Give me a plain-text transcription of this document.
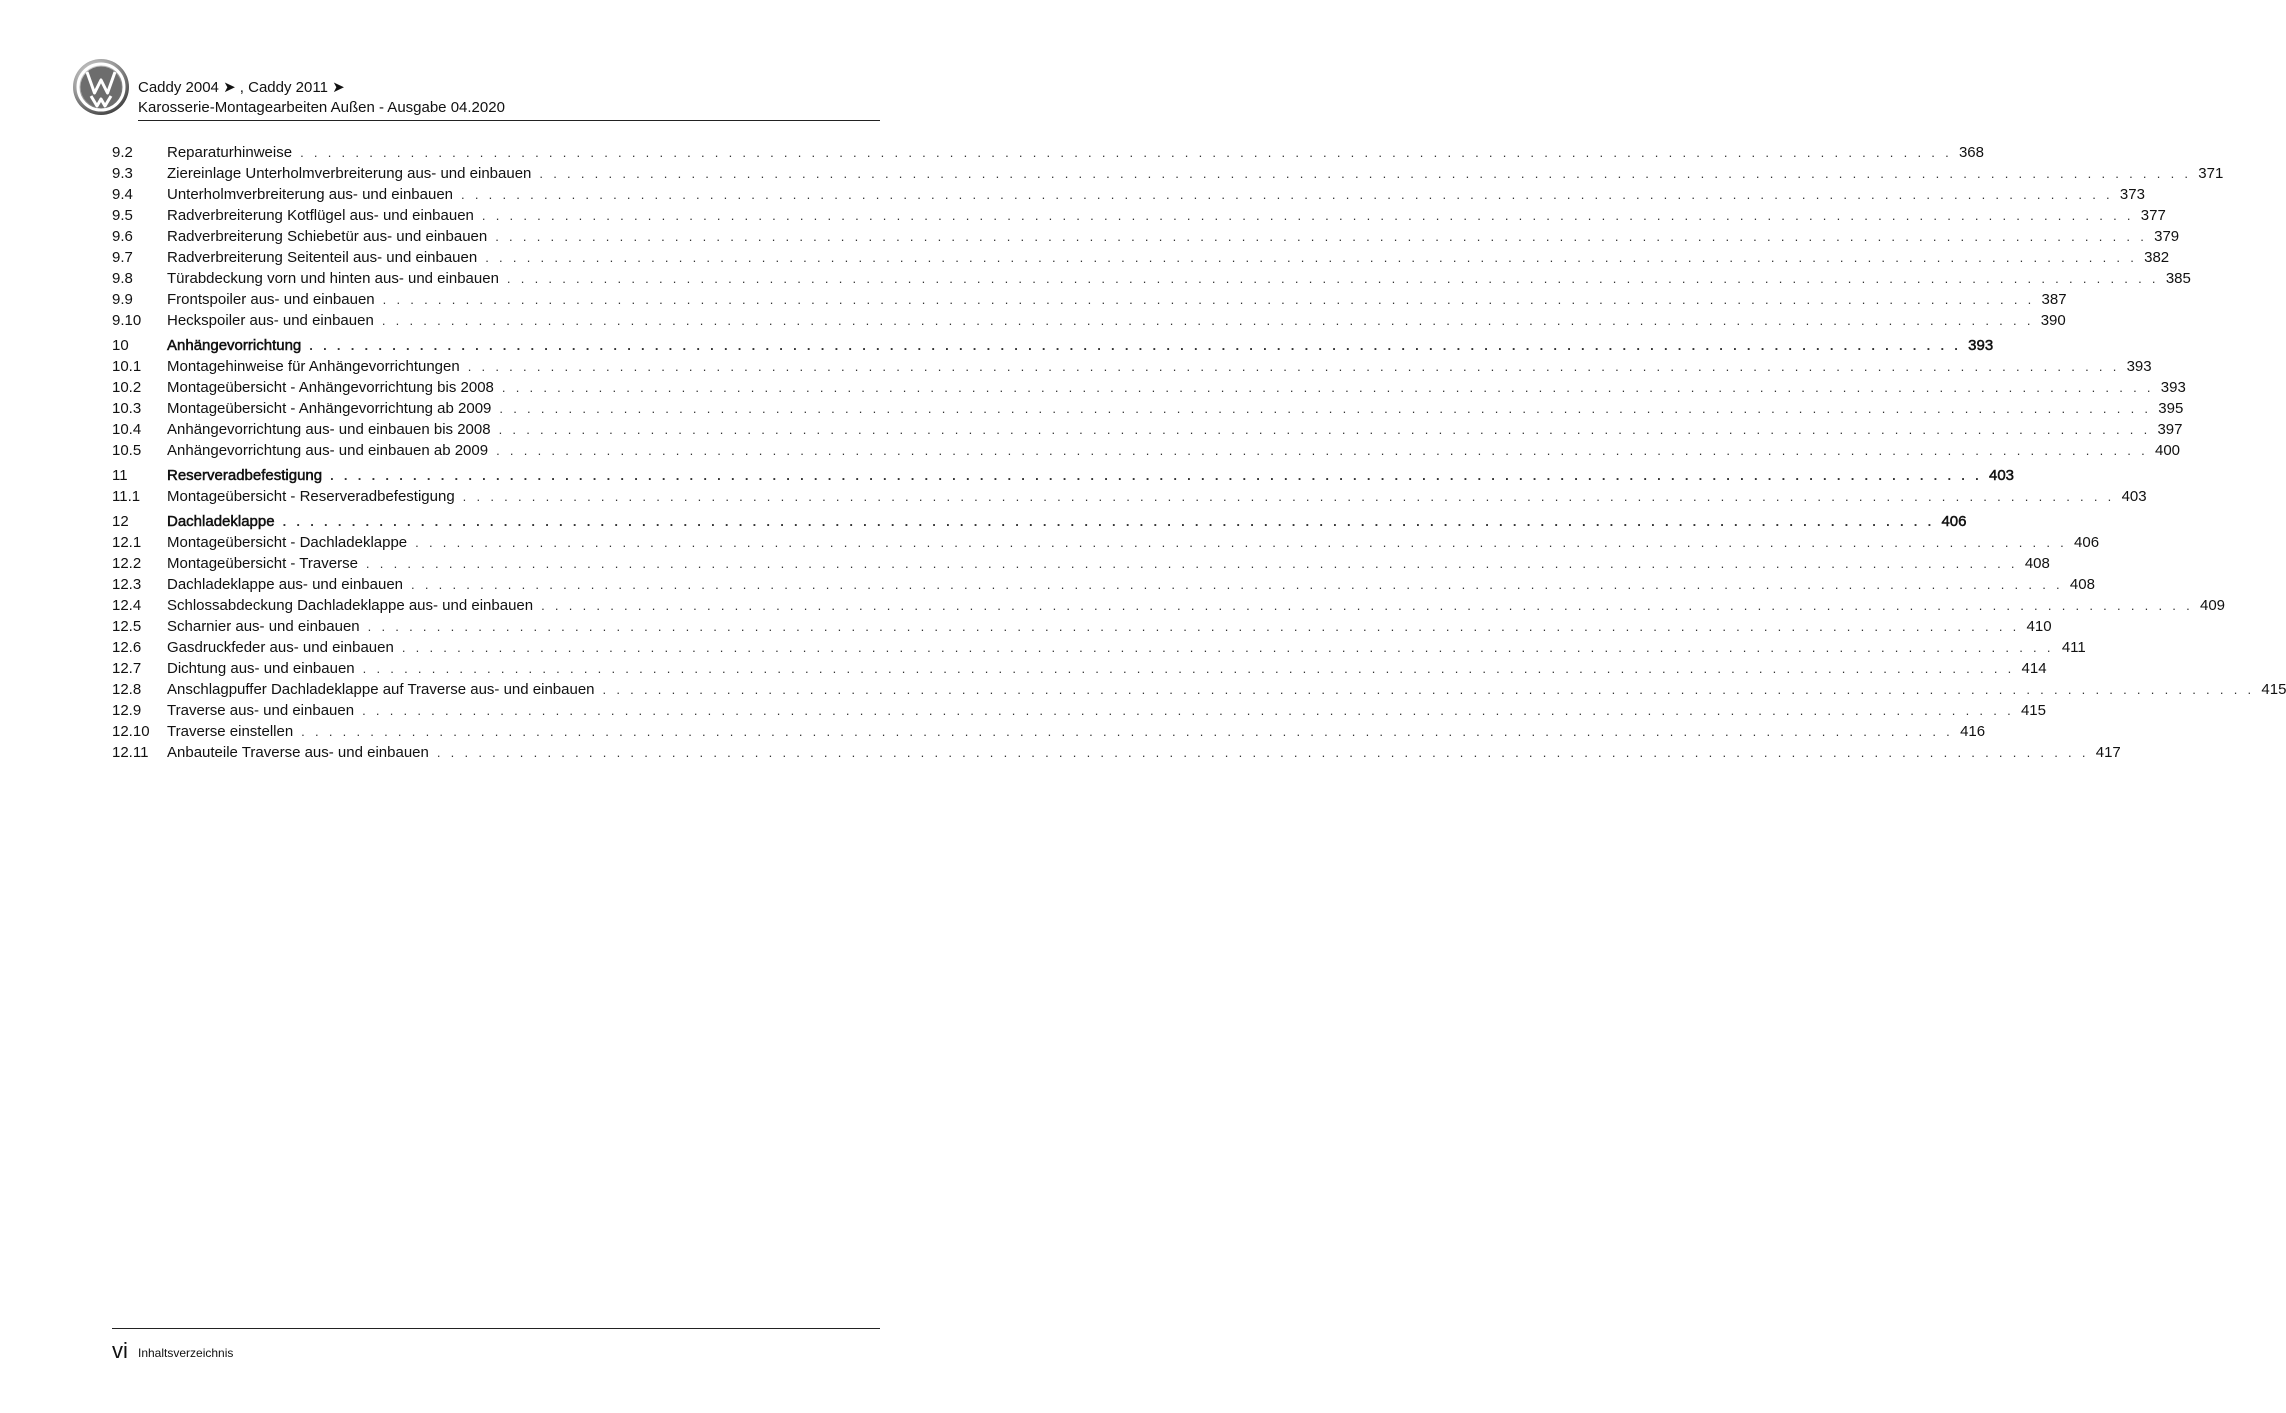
Caddy 2004 ➤ , Caddy 2011 ➤
Karosserie-Montagearbeiten Außen - Ausgabe 04.2020
9.2	Reparaturhinweise . . . . . . . . . . . . . . . . . . . . . . . . . . . . . . . . . . . . . . . . . . . . . . . . . . . . . . . . . . . . . . . . . . . . . . . . . . . . . . . . . . . . . . . . . . . . . . . . . . . . . . . . . . . . . . . . . . . . . . . . 368
9.3	Ziereinlage Unterholmverbreiterung aus- und einbauen . . . . . . . . . . . . . . . . . . . . . . . . . . . . . . . . . . . . . . . . . . . . . . . . . . . . . . . . . . . . . . . . . . . . . . . . . . . . . . . . . . . . . . . . . . . . . . . . . . . . . . . . . . . . . . . . . . . . . . . . 371
9.4	Unterholmverbreiterung aus- und einbauen . . . . . . . . . . . . . . . . . . . . . . . . . . . . . . . . . . . . . . . . . . . . . . . . . . . . . . . . . . . . . . . . . . . . . . . . . . . . . . . . . . . . . . . . . . . . . . . . . . . . . . . . . . . . . . . . . . . . . . . . 373
9.5	Radverbreiterung Kotflügel aus- und einbauen . . . . . . . . . . . . . . . . . . . . . . . . . . . . . . . . . . . . . . . . . . . . . . . . . . . . . . . . . . . . . . . . . . . . . . . . . . . . . . . . . . . . . . . . . . . . . . . . . . . . . . . . . . . . . . . . . . . . . . . . 377
9.6	Radverbreiterung Schiebetür aus- und einbauen . . . . . . . . . . . . . . . . . . . . . . . . . . . . . . . . . . . . . . . . . . . . . . . . . . . . . . . . . . . . . . . . . . . . . . . . . . . . . . . . . . . . . . . . . . . . . . . . . . . . . . . . . . . . . . . . . . . . . . . . 379
9.7	Radverbreiterung Seitenteil aus- und einbauen . . . . . . . . . . . . . . . . . . . . . . . . . . . . . . . . . . . . . . . . . . . . . . . . . . . . . . . . . . . . . . . . . . . . . . . . . . . . . . . . . . . . . . . . . . . . . . . . . . . . . . . . . . . . . . . . . . . . . . . . 382
9.8	Türabdeckung vorn und hinten aus- und einbauen . . . . . . . . . . . . . . . . . . . . . . . . . . . . . . . . . . . . . . . . . . . . . . . . . . . . . . . . . . . . . . . . . . . . . . . . . . . . . . . . . . . . . . . . . . . . . . . . . . . . . . . . . . . . . . . . . . . . . . . . 385
9.9	Frontspoiler aus- und einbauen . . . . . . . . . . . . . . . . . . . . . . . . . . . . . . . . . . . . . . . . . . . . . . . . . . . . . . . . . . . . . . . . . . . . . . . . . . . . . . . . . . . . . . . . . . . . . . . . . . . . . . . . . . . . . . . . . . . . . . . . 387
9.10	Heckspoiler aus- und einbauen . . . . . . . . . . . . . . . . . . . . . . . . . . . . . . . . . . . . . . . . . . . . . . . . . . . . . . . . . . . . . . . . . . . . . . . . . . . . . . . . . . . . . . . . . . . . . . . . . . . . . . . . . . . . . . . . . . . . . . . . 390
10	Anhängevorrichtung . . . . . . . . . . . . . . . . . . . . . . . . . . . . . . . . . . . . . . . . . . . . . . . . . . . . . . . . . . . . . . . . . . . . . . . . . . . . . . . . . . . . . . . . . . . . . . . . . . . . . . . . . . . . . . . . . . . . . . . . 393
10.1	Montagehinweise für Anhängevorrichtungen . . . . . . . . . . . . . . . . . . . . . . . . . . . . . . . . . . . . . . . . . . . . . . . . . . . . . . . . . . . . . . . . . . . . . . . . . . . . . . . . . . . . . . . . . . . . . . . . . . . . . . . . . . . . . . . . . . . . . . . . 393
10.2	Montageübersicht - Anhängevorrichtung bis 2008 . . . . . . . . . . . . . . . . . . . . . . . . . . . . . . . . . . . . . . . . . . . . . . . . . . . . . . . . . . . . . . . . . . . . . . . . . . . . . . . . . . . . . . . . . . . . . . . . . . . . . . . . . . . . . . . . . . . . . . . . 393
10.3	Montageübersicht - Anhängevorrichtung ab 2009 . . . . . . . . . . . . . . . . . . . . . . . . . . . . . . . . . . . . . . . . . . . . . . . . . . . . . . . . . . . . . . . . . . . . . . . . . . . . . . . . . . . . . . . . . . . . . . . . . . . . . . . . . . . . . . . . . . . . . . . . 395
10.4	Anhängevorrichtung aus- und einbauen bis 2008 . . . . . . . . . . . . . . . . . . . . . . . . . . . . . . . . . . . . . . . . . . . . . . . . . . . . . . . . . . . . . . . . . . . . . . . . . . . . . . . . . . . . . . . . . . . . . . . . . . . . . . . . . . . . . . . . . . . . . . . . 397
10.5	Anhängevorrichtung aus- und einbauen ab 2009 . . . . . . . . . . . . . . . . . . . . . . . . . . . . . . . . . . . . . . . . . . . . . . . . . . . . . . . . . . . . . . . . . . . . . . . . . . . . . . . . . . . . . . . . . . . . . . . . . . . . . . . . . . . . . . . . . . . . . . . . 400
11	Reserveradbefestigung . . . . . . . . . . . . . . . . . . . . . . . . . . . . . . . . . . . . . . . . . . . . . . . . . . . . . . . . . . . . . . . . . . . . . . . . . . . . . . . . . . . . . . . . . . . . . . . . . . . . . . . . . . . . . . . . . . . . . . . . 403
11.1	Montageübersicht - Reserveradbefestigung . . . . . . . . . . . . . . . . . . . . . . . . . . . . . . . . . . . . . . . . . . . . . . . . . . . . . . . . . . . . . . . . . . . . . . . . . . . . . . . . . . . . . . . . . . . . . . . . . . . . . . . . . . . . . . . . . . . . . . . . 403
12	Dachladeklappe . . . . . . . . . . . . . . . . . . . . . . . . . . . . . . . . . . . . . . . . . . . . . . . . . . . . . . . . . . . . . . . . . . . . . . . . . . . . . . . . . . . . . . . . . . . . . . . . . . . . . . . . . . . . . . . . . . . . . . . . 406
12.1	Montageübersicht - Dachladeklappe . . . . . . . . . . . . . . . . . . . . . . . . . . . . . . . . . . . . . . . . . . . . . . . . . . . . . . . . . . . . . . . . . . . . . . . . . . . . . . . . . . . . . . . . . . . . . . . . . . . . . . . . . . . . . . . . . . . . . . . . 406
12.2	Montageübersicht - Traverse . . . . . . . . . . . . . . . . . . . . . . . . . . . . . . . . . . . . . . . . . . . . . . . . . . . . . . . . . . . . . . . . . . . . . . . . . . . . . . . . . . . . . . . . . . . . . . . . . . . . . . . . . . . . . . . . . . . . . . . . 408
12.3	Dachladeklappe aus- und einbauen . . . . . . . . . . . . . . . . . . . . . . . . . . . . . . . . . . . . . . . . . . . . . . . . . . . . . . . . . . . . . . . . . . . . . . . . . . . . . . . . . . . . . . . . . . . . . . . . . . . . . . . . . . . . . . . . . . . . . . . . 408
12.4	Schlossabdeckung Dachladeklappe aus- und einbauen . . . . . . . . . . . . . . . . . . . . . . . . . . . . . . . . . . . . . . . . . . . . . . . . . . . . . . . . . . . . . . . . . . . . . . . . . . . . . . . . . . . . . . . . . . . . . . . . . . . . . . . . . . . . . . . . . . . . . . . . 409
12.5	Scharnier aus- und einbauen . . . . . . . . . . . . . . . . . . . . . . . . . . . . . . . . . . . . . . . . . . . . . . . . . . . . . . . . . . . . . . . . . . . . . . . . . . . . . . . . . . . . . . . . . . . . . . . . . . . . . . . . . . . . . . . . . . . . . . . . 410
12.6	Gasdruckfeder aus- und einbauen . . . . . . . . . . . . . . . . . . . . . . . . . . . . . . . . . . . . . . . . . . . . . . . . . . . . . . . . . . . . . . . . . . . . . . . . . . . . . . . . . . . . . . . . . . . . . . . . . . . . . . . . . . . . . . . . . . . . . . . . 411
12.7	Dichtung aus- und einbauen . . . . . . . . . . . . . . . . . . . . . . . . . . . . . . . . . . . . . . . . . . . . . . . . . . . . . . . . . . . . . . . . . . . . . . . . . . . . . . . . . . . . . . . . . . . . . . . . . . . . . . . . . . . . . . . . . . . . . . . . 414
12.8	Anschlagpuffer Dachladeklappe auf Traverse aus- und einbauen . . . . . . . . . . . . . . . . . . . . . . . . . . . . . . . . . . . . . . . . . . . . . . . . . . . . . . . . . . . . . . . . . . . . . . . . . . . . . . . . . . . . . . . . . . . . . . . . . . . . . . . . . . . . . . . . . . . . . . . . 415
12.9	Traverse aus- und einbauen . . . . . . . . . . . . . . . . . . . . . . . . . . . . . . . . . . . . . . . . . . . . . . . . . . . . . . . . . . . . . . . . . . . . . . . . . . . . . . . . . . . . . . . . . . . . . . . . . . . . . . . . . . . . . . . . . . . . . . . . 415
12.10	Traverse einstellen . . . . . . . . . . . . . . . . . . . . . . . . . . . . . . . . . . . . . . . . . . . . . . . . . . . . . . . . . . . . . . . . . . . . . . . . . . . . . . . . . . . . . . . . . . . . . . . . . . . . . . . . . . . . . . . . . . . . . . . . 416
12.11	Anbauteile Traverse aus- und einbauen . . . . . . . . . . . . . . . . . . . . . . . . . . . . . . . . . . . . . . . . . . . . . . . . . . . . . . . . . . . . . . . . . . . . . . . . . . . . . . . . . . . . . . . . . . . . . . . . . . . . . . . . . . . . . . . . . . . . . . . . 417
vi Inhaltsverzeichnis
